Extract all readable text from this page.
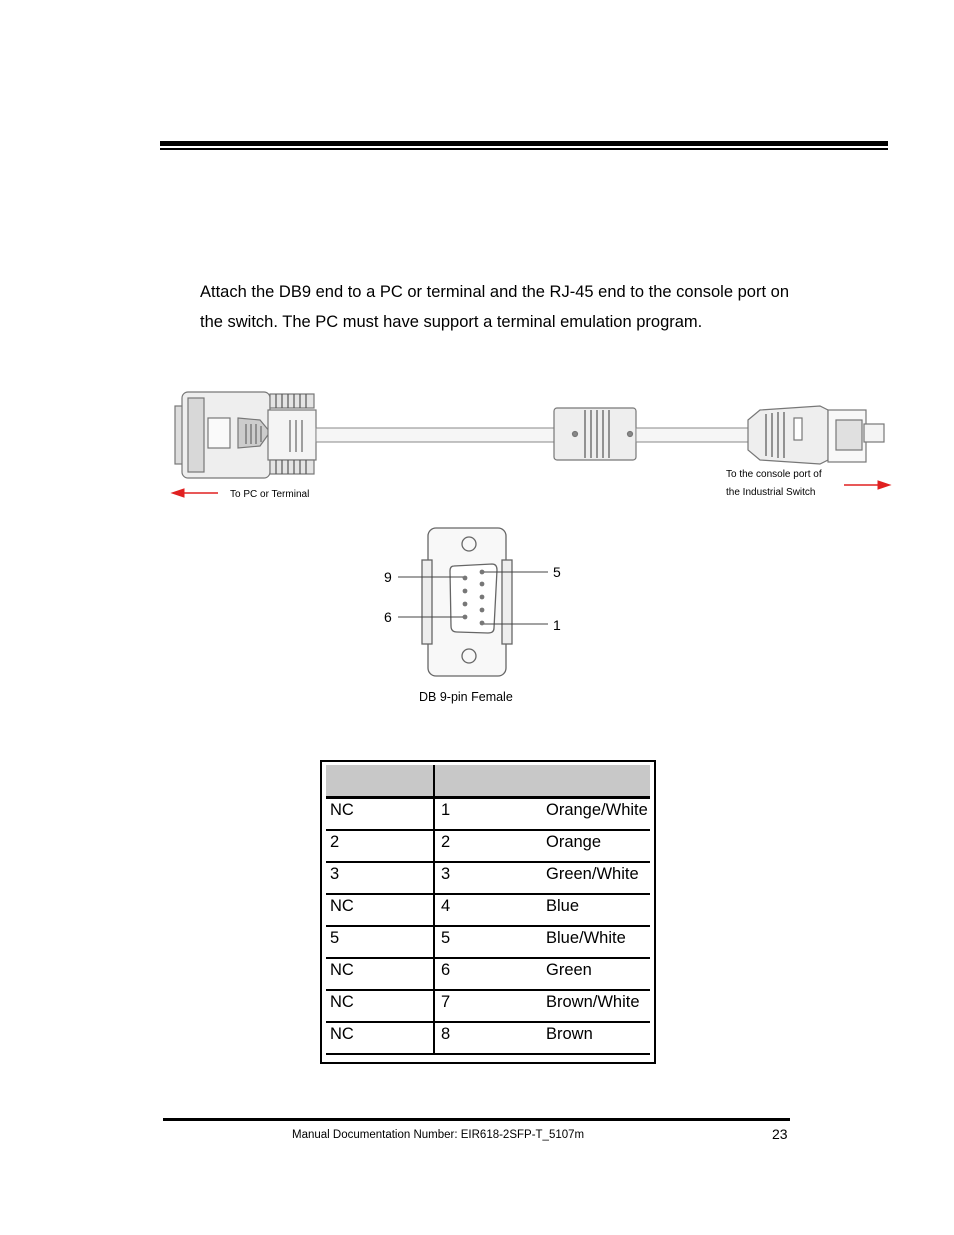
Attach the DB9 end to a PC or terminal and the RJ-45 end to the console port on the switch. The PC must have support a terminal emulation program.

To PC or Terminal
To the console port of
the Industrial Switch
9
6
5
1
DB 9-pin Female

NC	1	Orange/White
2	2	Orange
3	3	Green/White
NC	4	Blue
5	5	Blue/White
NC	6	Green
NC	7	Brown/White
NC	8	Brown
Manual Documentation Number: EIR618-2SFP-T_5107m	23
